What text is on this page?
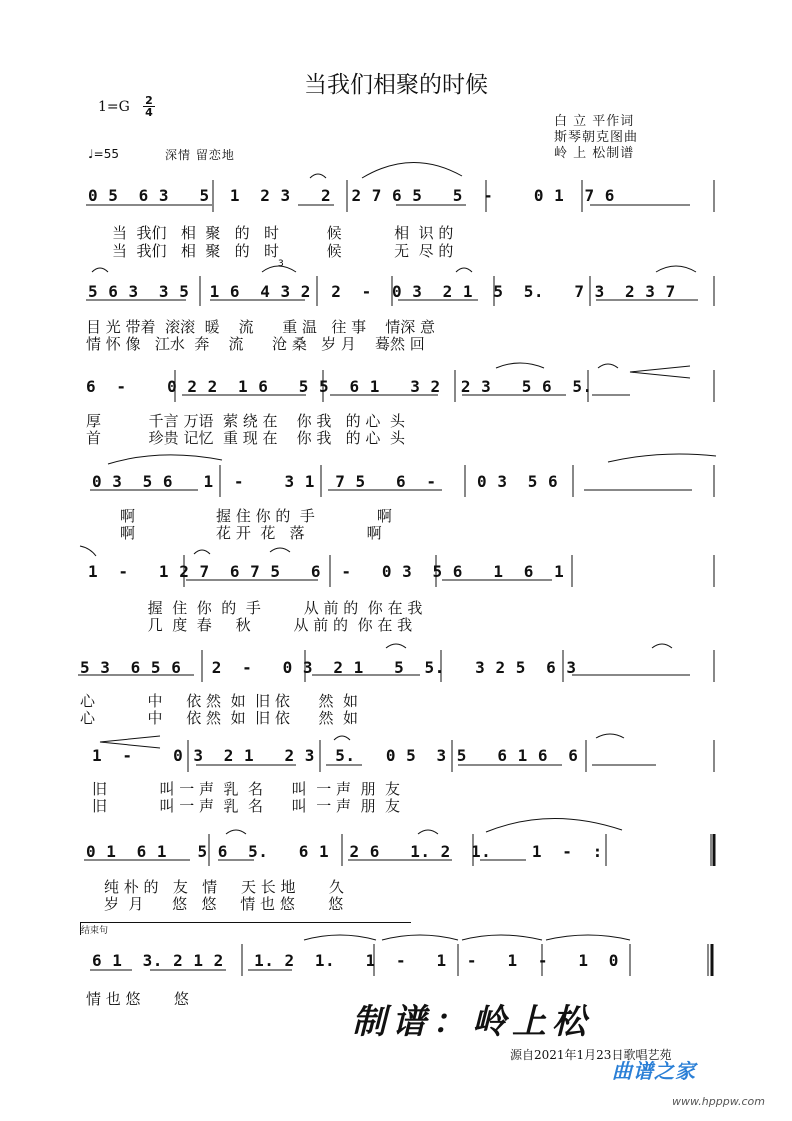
当我们相聚的时候
1=G 2
4
♩=55	深情 留恋地
白 立 平作词
斯琴朝克图曲
岭 上 松制谱
0 5  6 3   5  1  2 3   2  2 7 6 5   5  -    0 1  7 6
当  我们   相  聚   的   时          候           相  识 的
当  我们   相  聚   的   时          候           无  尽 的
5 6 3  3 5  1 6  4 3 2  2  -  0 3  2 1  5  5.   7 3  2 3 7
目 光 带着  滚滚  暖    流      重 温   往 事    情深 意
情 怀 像   江水  奔    流      沧 桑   岁 月    蓦然 回
6  -    0 2 2  1 6   5 5  6 1   3 2  2 3   5 6  5.
厚          千言 万语  萦 绕 在    你 我   的 心  头
首          珍贵 记忆  重 现 在    你 我   的 心  头
0 3  5 6   1  -    3 1  7 5   6  -    0 3  5 6
啊                 握 住 你 的  手             啊
啊                 花 开  花   落             啊
1  -   1 2 7  6 7 5   6  -   0 3  5 6   1  6  1
握  住  你  的  手         从 前 的  你 在 我
几  度  春     秋         从 前 的  你 在 我
5 3  6 5 6   2  -   0 3  2 1   5  5.   3 2 5  6 3
心           中     依 然  如  旧 依      然  如
心           中     依 然  如  旧 依      然  如
1  -    0 3  2 1   2 3  5.   0 5  3 5   6 1 6  6
旧           叫 一 声  乳  名      叫  一 声  朋  友
旧           叫 一 声  乳  名      叫  一 声  朋  友
0 1  6 1   5 6  5.   6 1  2 6   1. 2  1.    1  -  :
纯 朴 的   友   情     天 长 地       久
岁  月      悠   悠     情 也 悠       悠
结束句
6 1  3. 2 1 2   1. 2  1.   1  -   1  -   1  -   1  0
情 也 悠       悠
3
制谱：岭上松
源自2021年1月23日歌唱艺苑
曲谱之家
www.hpppw.com
